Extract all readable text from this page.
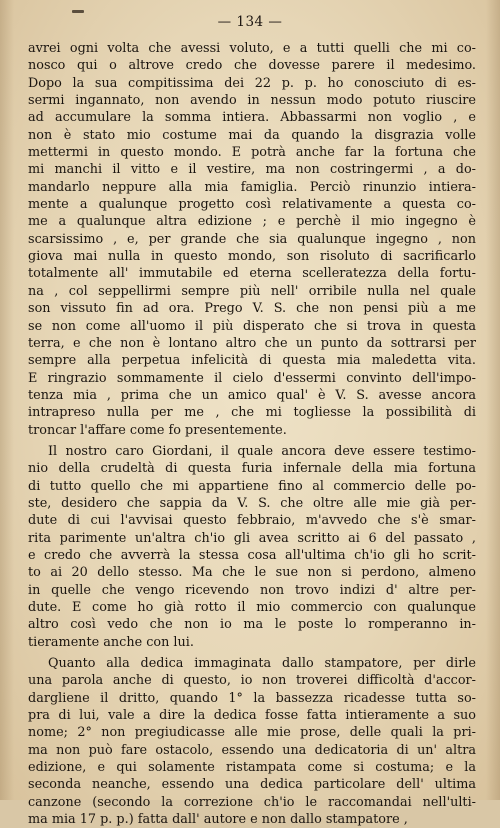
— 134 —
avrei ogni volta che avessi voluto, e a tutti quelli che mi co-
nosco qui o altrove credo che dovesse parere il medesimo.
Dopo la sua compitissima dei 22 p. p. ho conosciuto di es-
sermi ingannato, non avendo in nessun modo potuto riuscire
ad accumulare la somma intiera. Abbassarmi non voglio , e
non è stato mio costume mai da quando la disgrazia volle
mettermi in questo mondo. E potrà anche far la fortuna che
mi manchi il vitto e il vestire, ma non costringermi , a do-
mandarlo neppure alla mia famiglia. Perciò rinunzio intiera-
mente a qualunque progetto così relativamente a questa co-
me a qualunque altra edizione ; e perchè il mio ingegno è
scarsissimo , e, per grande che sia qualunque ingegno , non
giova mai nulla in questo mondo, son risoluto di sacrificarlo
totalmente all' immutabile ed eterna scelleratezza della fortu-
na , col seppellirmi sempre più nell' orribile nulla nel quale
son vissuto fin ad ora. Prego V. S. che non pensi più a me
se non come all'uomo il più disperato che si trova in questa
terra, e che non è lontano altro che un punto da sottrarsi per
sempre alla perpetua infelicità di questa mia maledetta vita.
E ringrazio sommamente il cielo d'essermi convinto dell'impo-
tenza mia , prima che un amico qual' è V. S. avesse ancora
intrapreso nulla per me , che mi togliesse la possibilità di
troncar l'affare come fo presentemente.
Il nostro caro Giordani, il quale ancora deve essere testimo-
nio della crudeltà di questa furia infernale della mia fortuna
di tutto quello che mi appartiene fino al commercio delle po-
ste, desidero che sappia da V. S. che oltre alle mie già per-
dute di cui l'avvisai questo febbraio, m'avvedo che s'è smar-
rita parimente un'altra ch'io gli avea scritto ai 6 del passato ,
e credo che avverrà la stessa cosa all'ultima ch'io gli ho scrit-
to ai 20 dello stesso. Ma che le sue non si perdono, almeno
in quelle che vengo ricevendo non trovo indizi d' altre per-
dute. E come ho già rotto il mio commercio con qualunque
altro così vedo che non io ma le poste lo romperanno in-
tieramente anche con lui.
Quanto alla dedica immaginata dallo stampatore, per dirle
una parola anche di questo, io non troverei difficoltà d'accor-
dargliene il dritto, quando 1° la bassezza ricadesse tutta so-
pra di lui, vale a dire la dedica fosse fatta intieramente a suo
nome; 2° non pregiudicasse alle mie prose, delle quali la pri-
ma non può fare ostacolo, essendo una dedicatoria di un' altra
edizione, e qui solamente ristampata come si costuma; e la
seconda neanche, essendo una dedica particolare dell' ultima
canzone (secondo la correzione ch'io le raccomandai nell'ulti-
ma mia 17 p. p.) fatta dall' autore e non dallo stampatore ,
